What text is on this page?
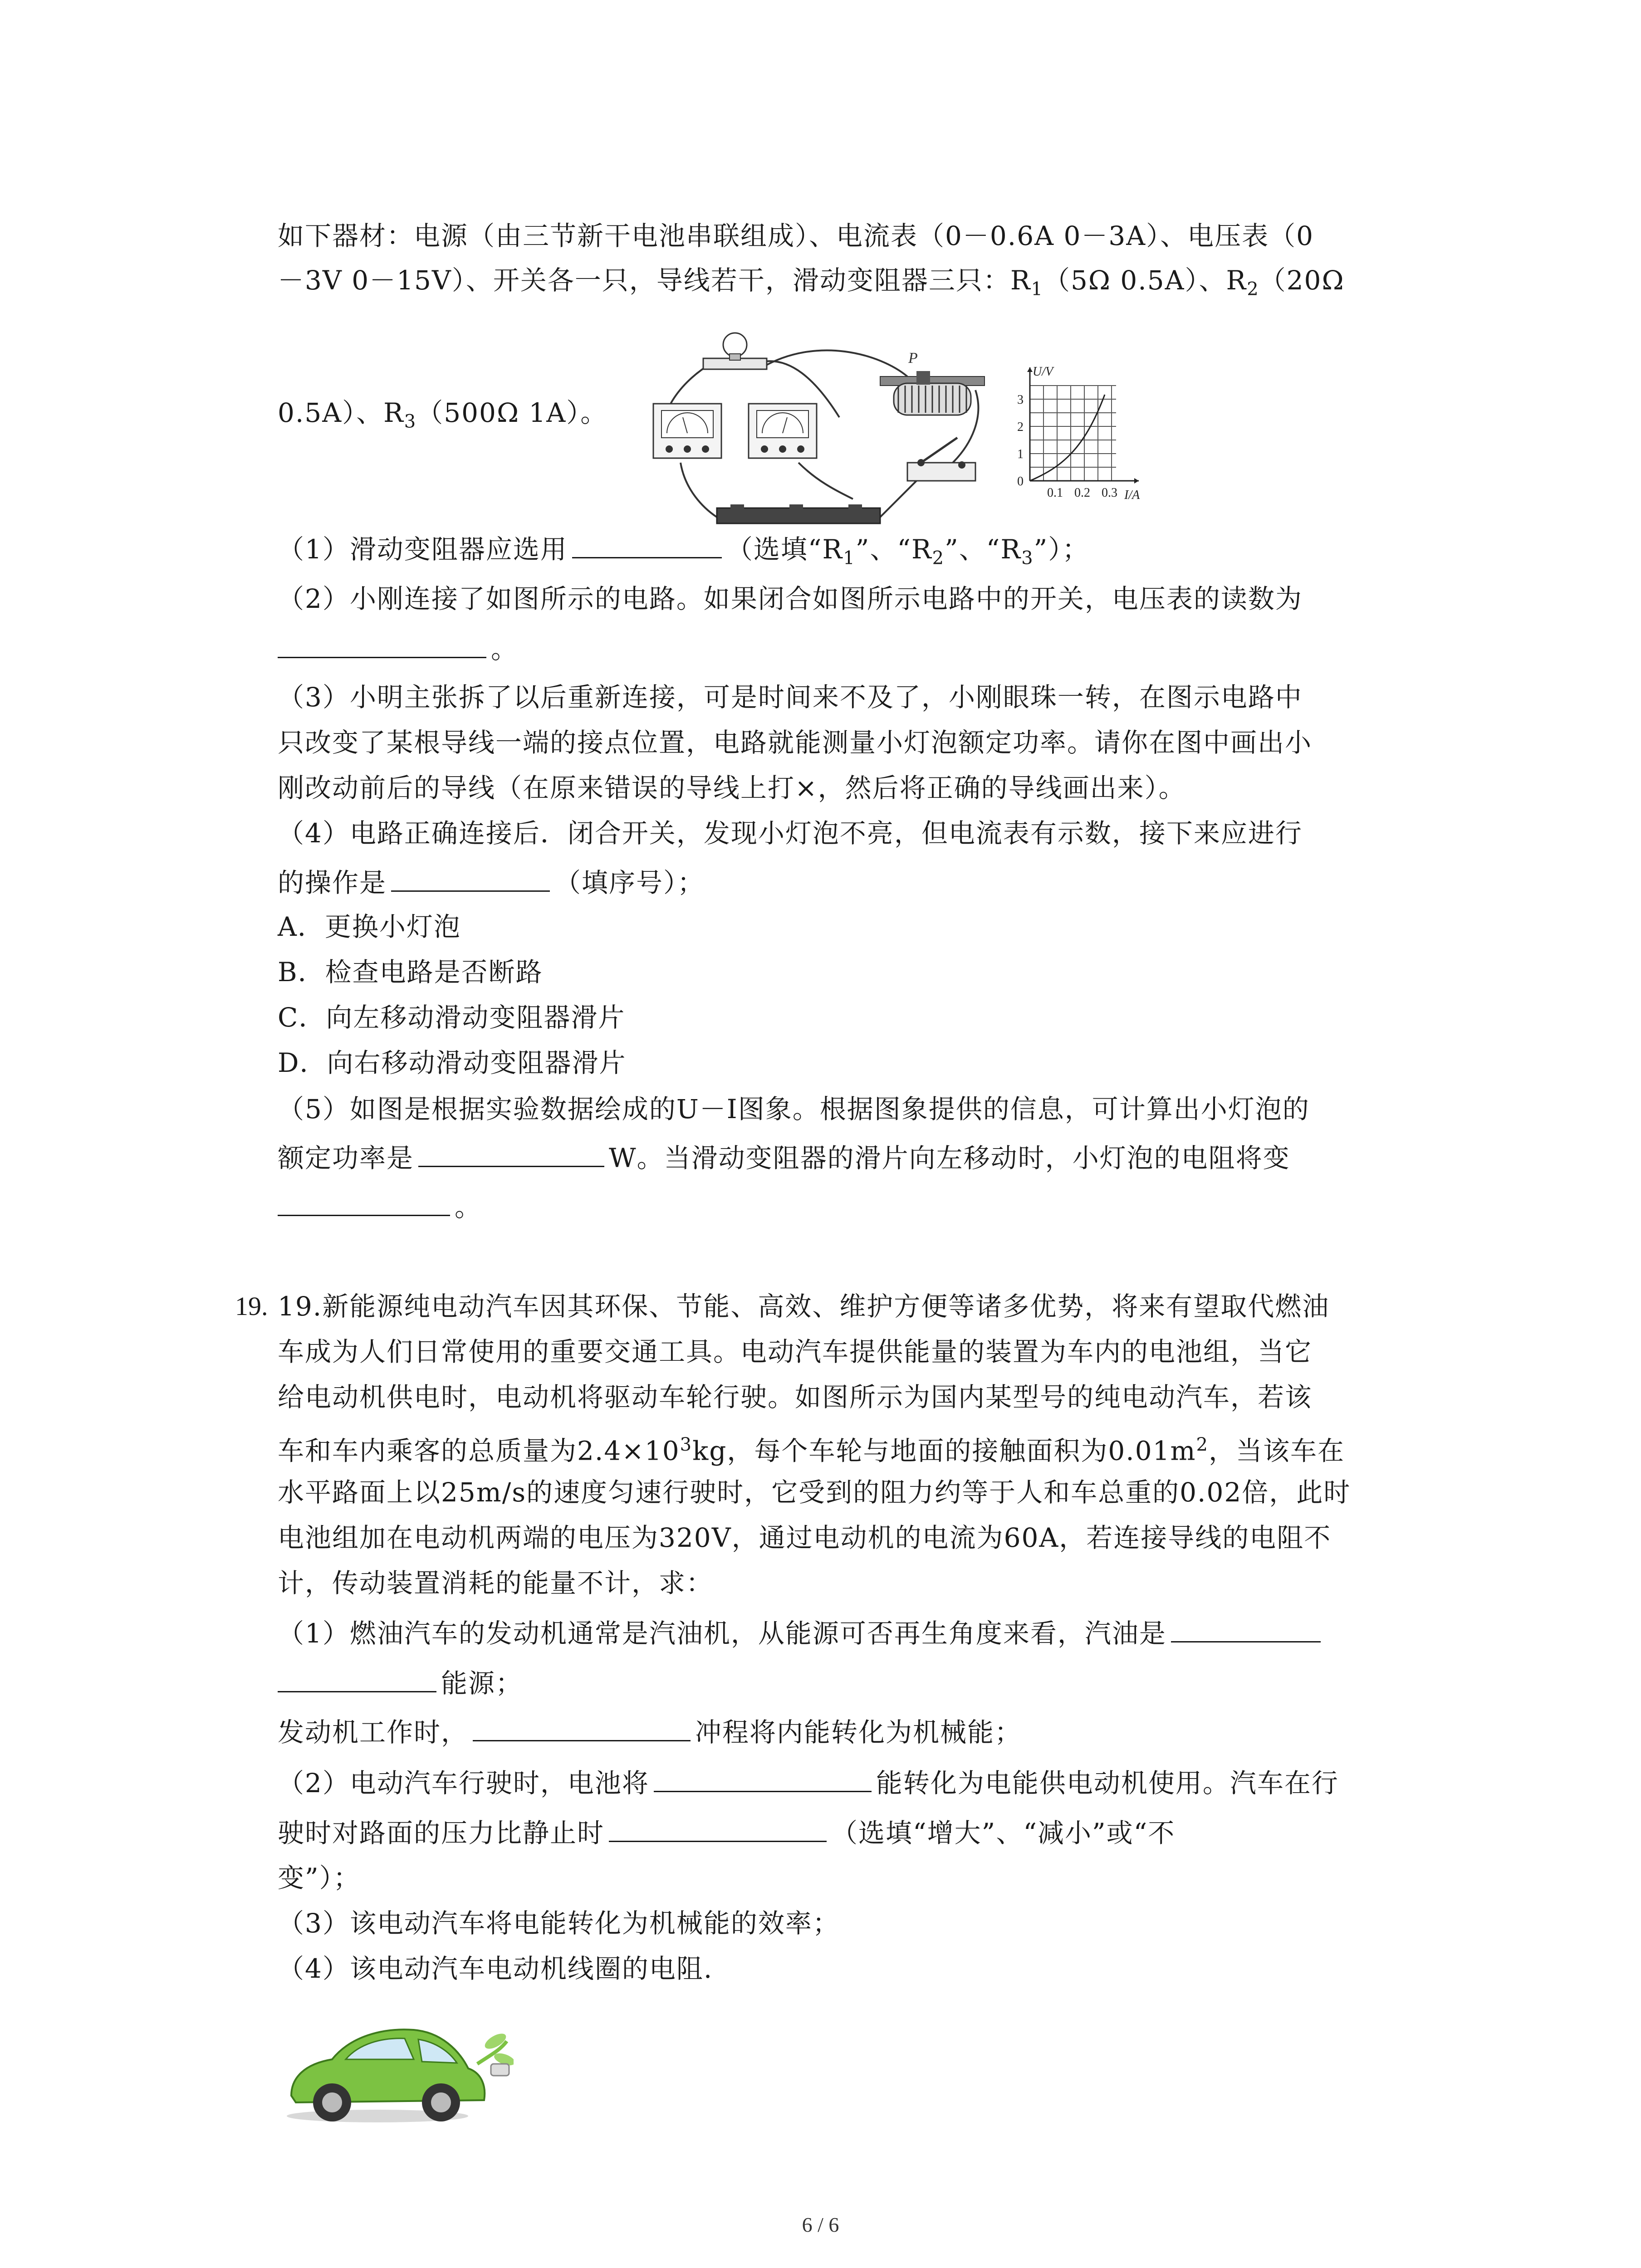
如下器材：电源（由三节新干电池串联组成）、电流表（0－0.6A 0－3A）、电压表（0
－3V 0－15V）、开关各一只，导线若干，滑动变阻器三只：$R_1(5\Omega$ 0.5A）、$R_2(20\Omega$
0.5A）、$R_3(500\Omega$ 1A）。
P
U/V
I/A
0
1
2
3
0.1 0.2 0.3
（1）滑动变阻器应选用	（选填“$R_1$”、“$R_2$”、“$R_3$”）；
（2）小刚连接了如图所示的电路。如果闭合如图所示电路中的开关，电压表的读数为
。
（3）小明主张拆了以后重新连接，可是时间来不及了，小刚眼珠一转，在图示电路中
只改变了某根导线一端的接点位置，电路就能测量小灯泡额定功率。请你在图中画出小
刚改动前后的导线（在原来错误的导线上打×，然后将正确的导线画出来）。
（4）电路正确连接后．闭合开关，发现小灯泡不亮，但电流表有示数，接下来应进行
的操作是	（填序号）；
A．更换小灯泡
B．检查电路是否断路
C．向左移动滑动变阻器滑片
D．向右移动滑动变阻器滑片
（5）如图是根据实验数据绘成的U－I图象。根据图象提供的信息，可计算出小灯泡的
额定功率是	W。当滑动变阻器的滑片向左移动时，小灯泡的电阻将变
。
19. 19.新能源纯电动汽车因其环保、节能、高效、维护方便等诸多优势，将来有望取代燃油
车成为人们日常使用的重要交通工具。电动汽车提供能量的装置为车内的电池组，当它
给电动机供电时，电动机将驱动车轮行驶。如图所示为国内某型号的纯电动汽车，若该
车和车内乘客的总质量为$2.4\times 10^3kg$，每个车轮与地面的接触面积为$0.01m^2$，当该车在
水平路面上以25m/s的速度匀速行驶时，它受到的阻力约等于人和车总重的0.02倍，此时
电池组加在电动机两端的电压为320V，通过电动机的电流为60A，若连接导线的电阻不
计，传动装置消耗的能量不计，求：
（1）燃油汽车的发动机通常是汽油机，从能源可否再生角度来看，汽油是
能源；
发动机工作时，	冲程将内能转化为机械能；
（2）电动汽车行驶时，电池将	能转化为电能供电动机使用。汽车在行
驶时对路面的压力比静止时	（选填“增大”、“减小”或“不
变”）；
（3）该电动汽车将电能转化为机械能的效率；
（4）该电动汽车电动机线圈的电阻.
6 / 6
